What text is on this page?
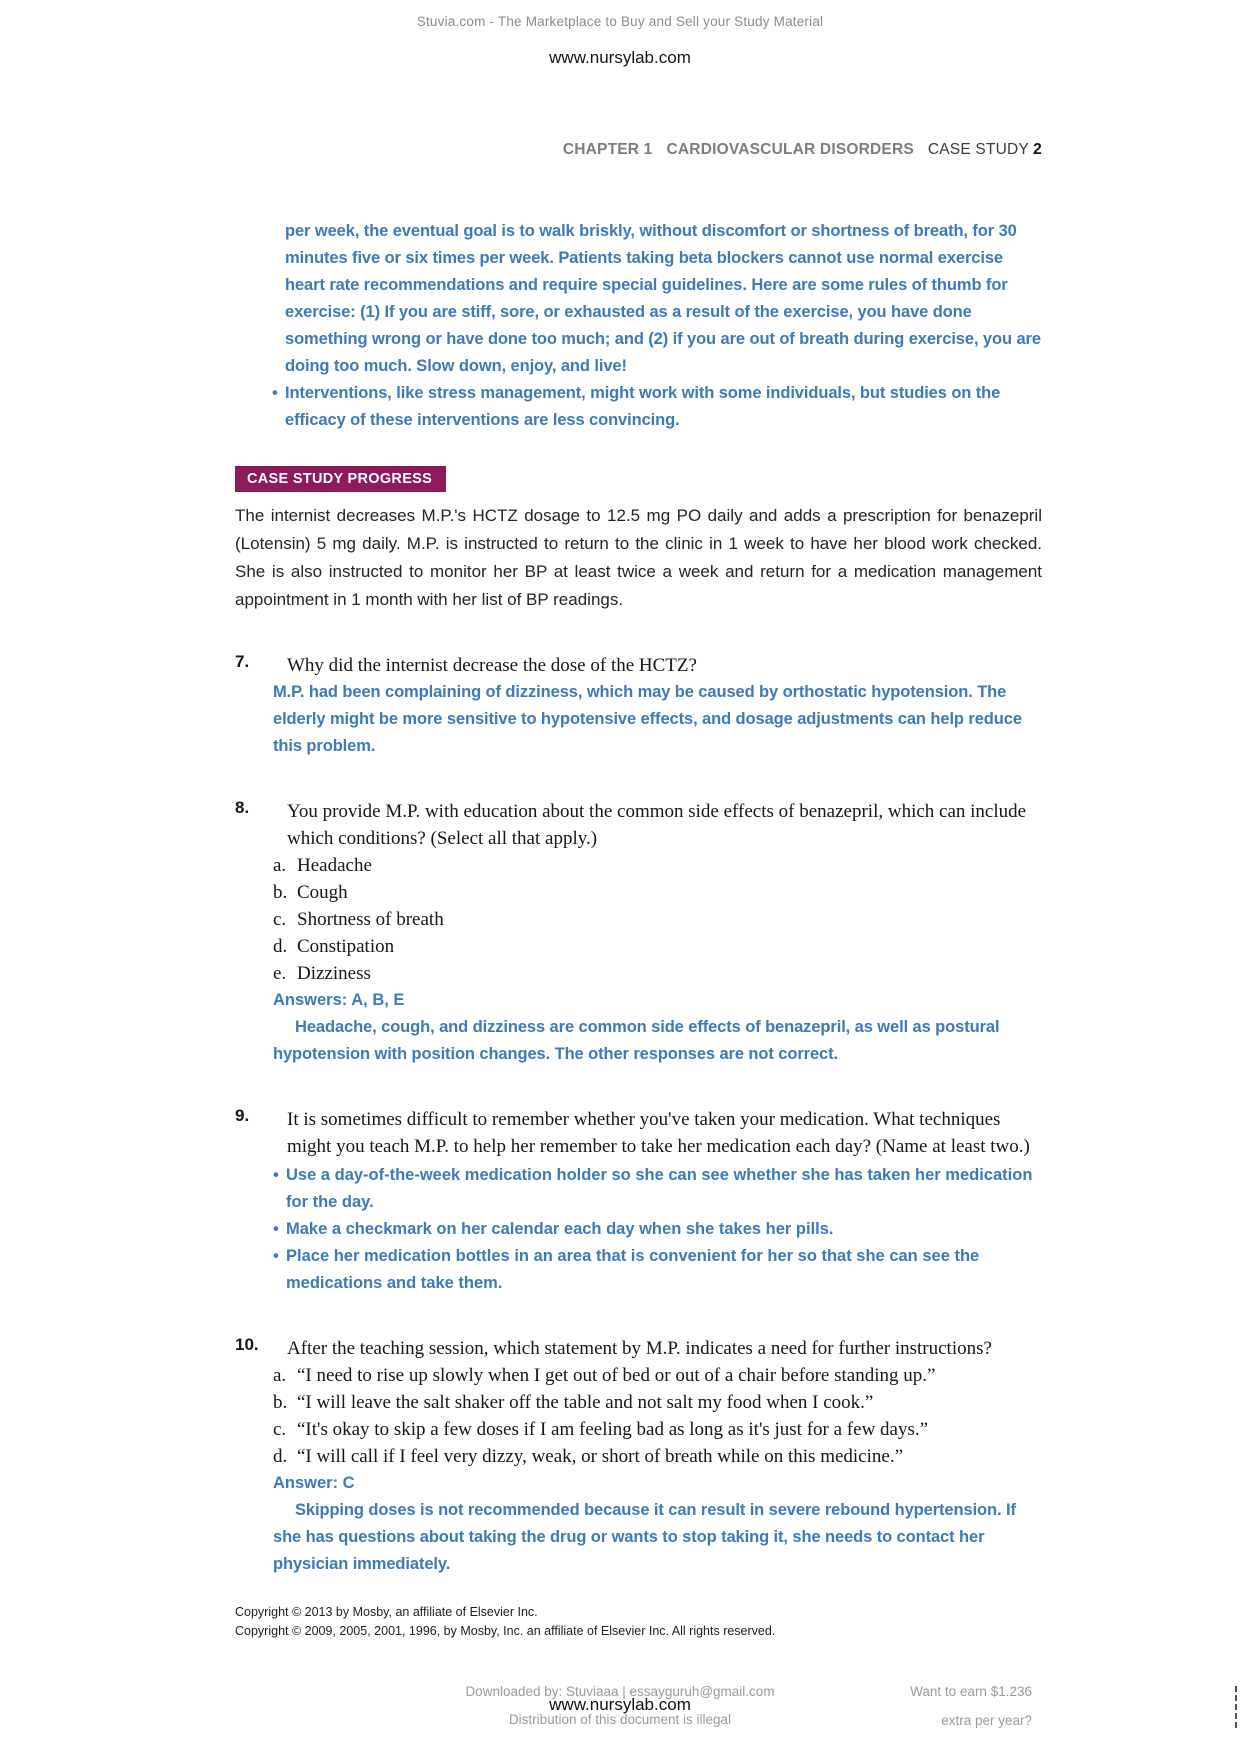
Stuvia.com - The Marketplace to Buy and Sell your Study Material
www.nursylab.com
CHAPTER 1 CARDIOVASCULAR DISORDERS CASE STUDY 2
per week, the eventual goal is to walk briskly, without discomfort or shortness of breath, for 30 minutes five or six times per week. Patients taking beta blockers cannot use normal exercise heart rate recommendations and require special guidelines. Here are some rules of thumb for exercise: (1) If you are stiff, sore, or exhausted as a result of the exercise, you have done something wrong or have done too much; and (2) if you are out of breath during exercise, you are doing too much. Slow down, enjoy, and live!
• Interventions, like stress management, might work with some individuals, but studies on the efficacy of these interventions are less convincing.
CASE STUDY PROGRESS
The internist decreases M.P.'s HCTZ dosage to 12.5 mg PO daily and adds a prescription for benazepril (Lotensin) 5 mg daily. M.P. is instructed to return to the clinic in 1 week to have her blood work checked. She is also instructed to monitor her BP at least twice a week and return for a medication management appointment in 1 month with her list of BP readings.
7.	Why did the internist decrease the dose of the HCTZ?
M.P. had been complaining of dizziness, which may be caused by orthostatic hypotension. The elderly might be more sensitive to hypotensive effects, and dosage adjustments can help reduce this problem.
8.	You provide M.P. with education about the common side effects of benazepril, which can include which conditions? (Select all that apply.)
a. Headache
b. Cough
c. Shortness of breath
d. Constipation
e. Dizziness
Answers: A, B, E
Headache, cough, and dizziness are common side effects of benazepril, as well as postural hypotension with position changes. The other responses are not correct.
9.	It is sometimes difficult to remember whether you've taken your medication. What techniques might you teach M.P. to help her remember to take her medication each day? (Name at least two.)
• Use a day-of-the-week medication holder so she can see whether she has taken her medication for the day.
• Make a checkmark on her calendar each day when she takes her pills.
• Place her medication bottles in an area that is convenient for her so that she can see the medications and take them.
10.	After the teaching session, which statement by M.P. indicates a need for further instructions?
a. “I need to rise up slowly when I get out of bed or out of a chair before standing up.”
b. “I will leave the salt shaker off the table and not salt my food when I cook.”
c. “It's okay to skip a few doses if I am feeling bad as long as it's just for a few days.”
d. “I will call if I feel very dizzy, weak, or short of breath while on this medicine.”
Answer: C
Skipping doses is not recommended because it can result in severe rebound hypertension. If she has questions about taking the drug or wants to stop taking it, she needs to contact her physician immediately.
Copyright © 2013 by Mosby, an affiliate of Elsevier Inc.
Copyright © 2009, 2005, 2001, 1996, by Mosby, Inc. an affiliate of Elsevier Inc. All rights reserved.
Downloaded by: Stuviaaa | essayguruh@gmail.com
www.nursylab.com
Distribution of this document is illegal
Want to earn $1.236
extra per year?
